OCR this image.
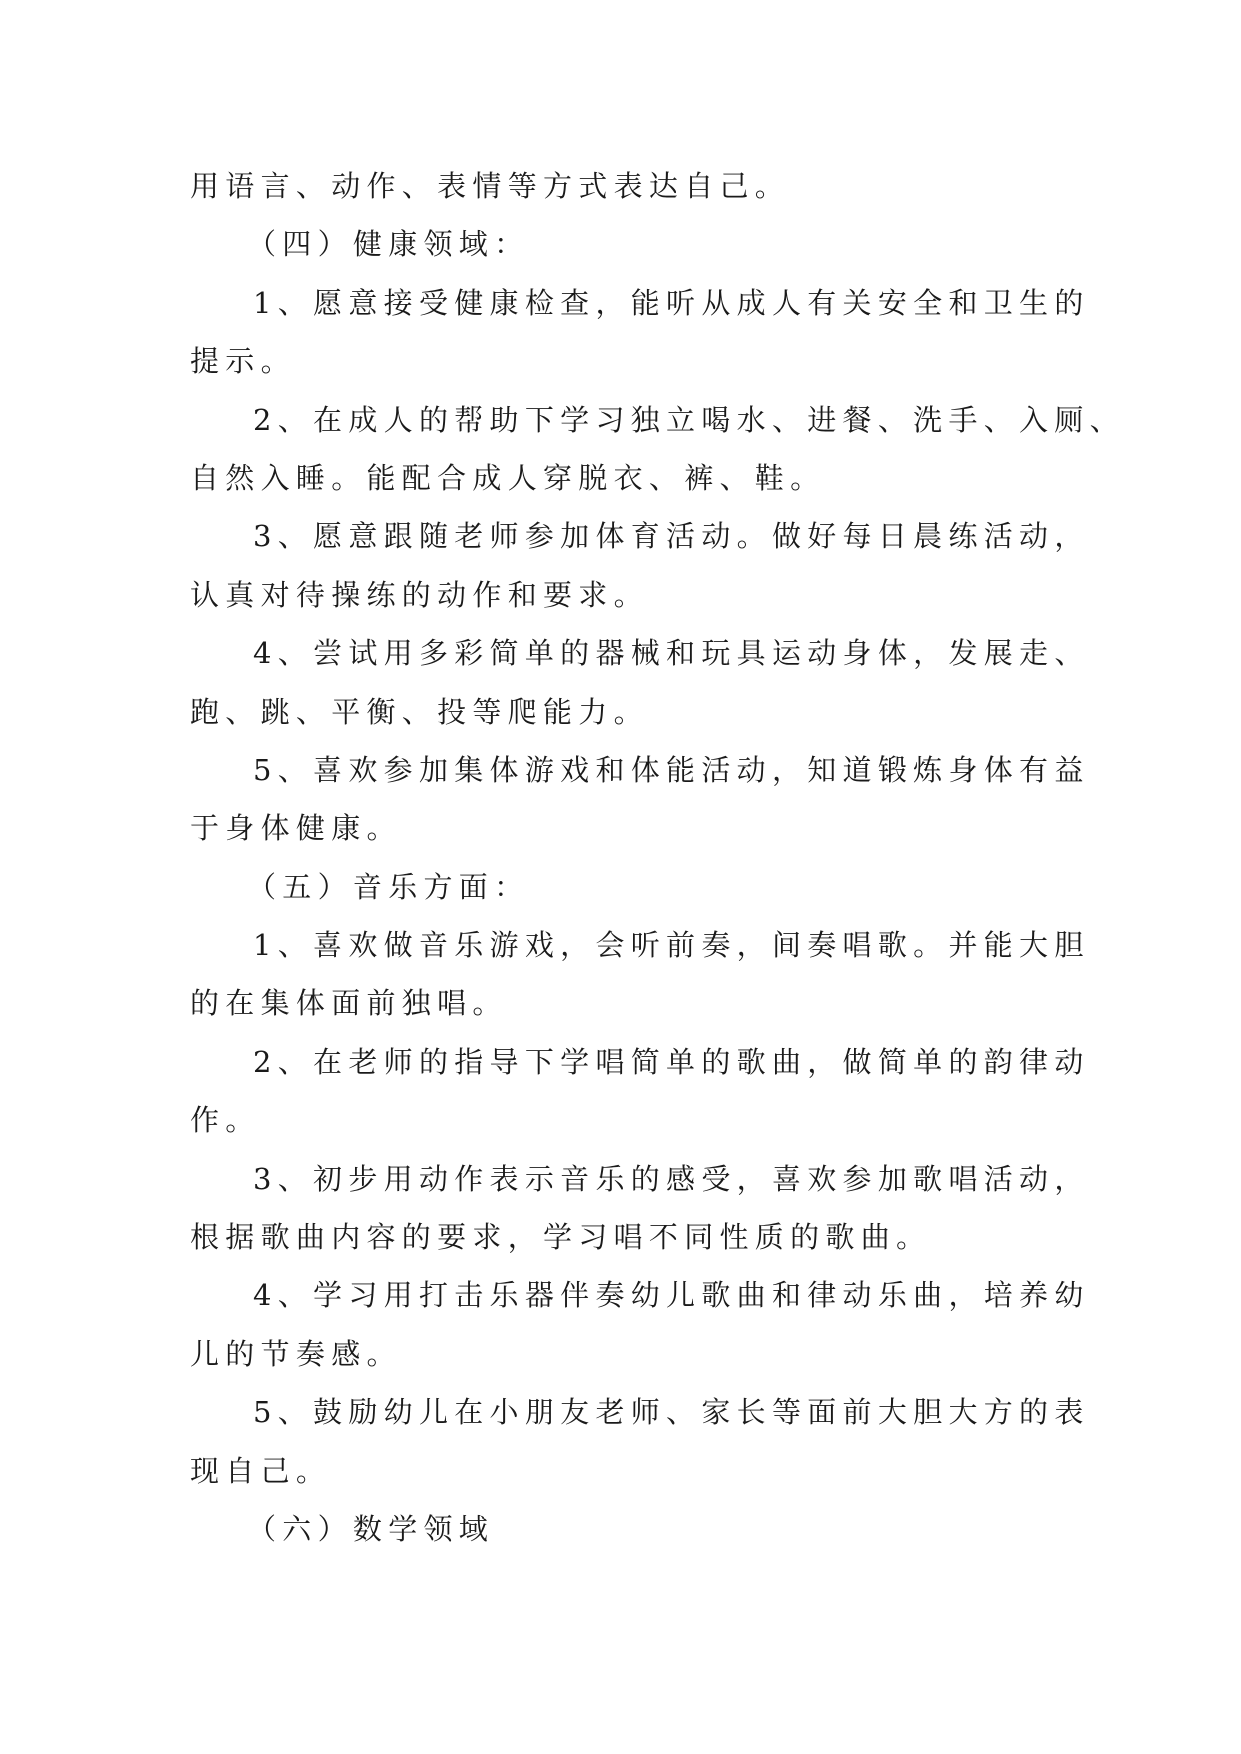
用语言、动作、表情等方式表达自己。
（四）健康领域：
1、愿意接受健康检查，能听从成人有关安全和卫生的
提示。
2、在成人的帮助下学习独立喝水、进餐、洗手、入厕、
自然入睡。能配合成人穿脱衣、裤、鞋。
3、愿意跟随老师参加体育活动。做好每日晨练活动，
认真对待操练的动作和要求。
4、尝试用多彩简单的器械和玩具运动身体，发展走、
跑、跳、平衡、投等爬能力。
5、喜欢参加集体游戏和体能活动，知道锻炼身体有益
于身体健康。
（五）音乐方面：
1、喜欢做音乐游戏，会听前奏，间奏唱歌。并能大胆
的在集体面前独唱。
2、在老师的指导下学唱简单的歌曲，做简单的韵律动
作。
3、初步用动作表示音乐的感受，喜欢参加歌唱活动，
根据歌曲内容的要求，学习唱不同性质的歌曲。
4、学习用打击乐器伴奏幼儿歌曲和律动乐曲，培养幼
儿的节奏感。
5、鼓励幼儿在小朋友老师、家长等面前大胆大方的表
现自己。
（六）数学领域
